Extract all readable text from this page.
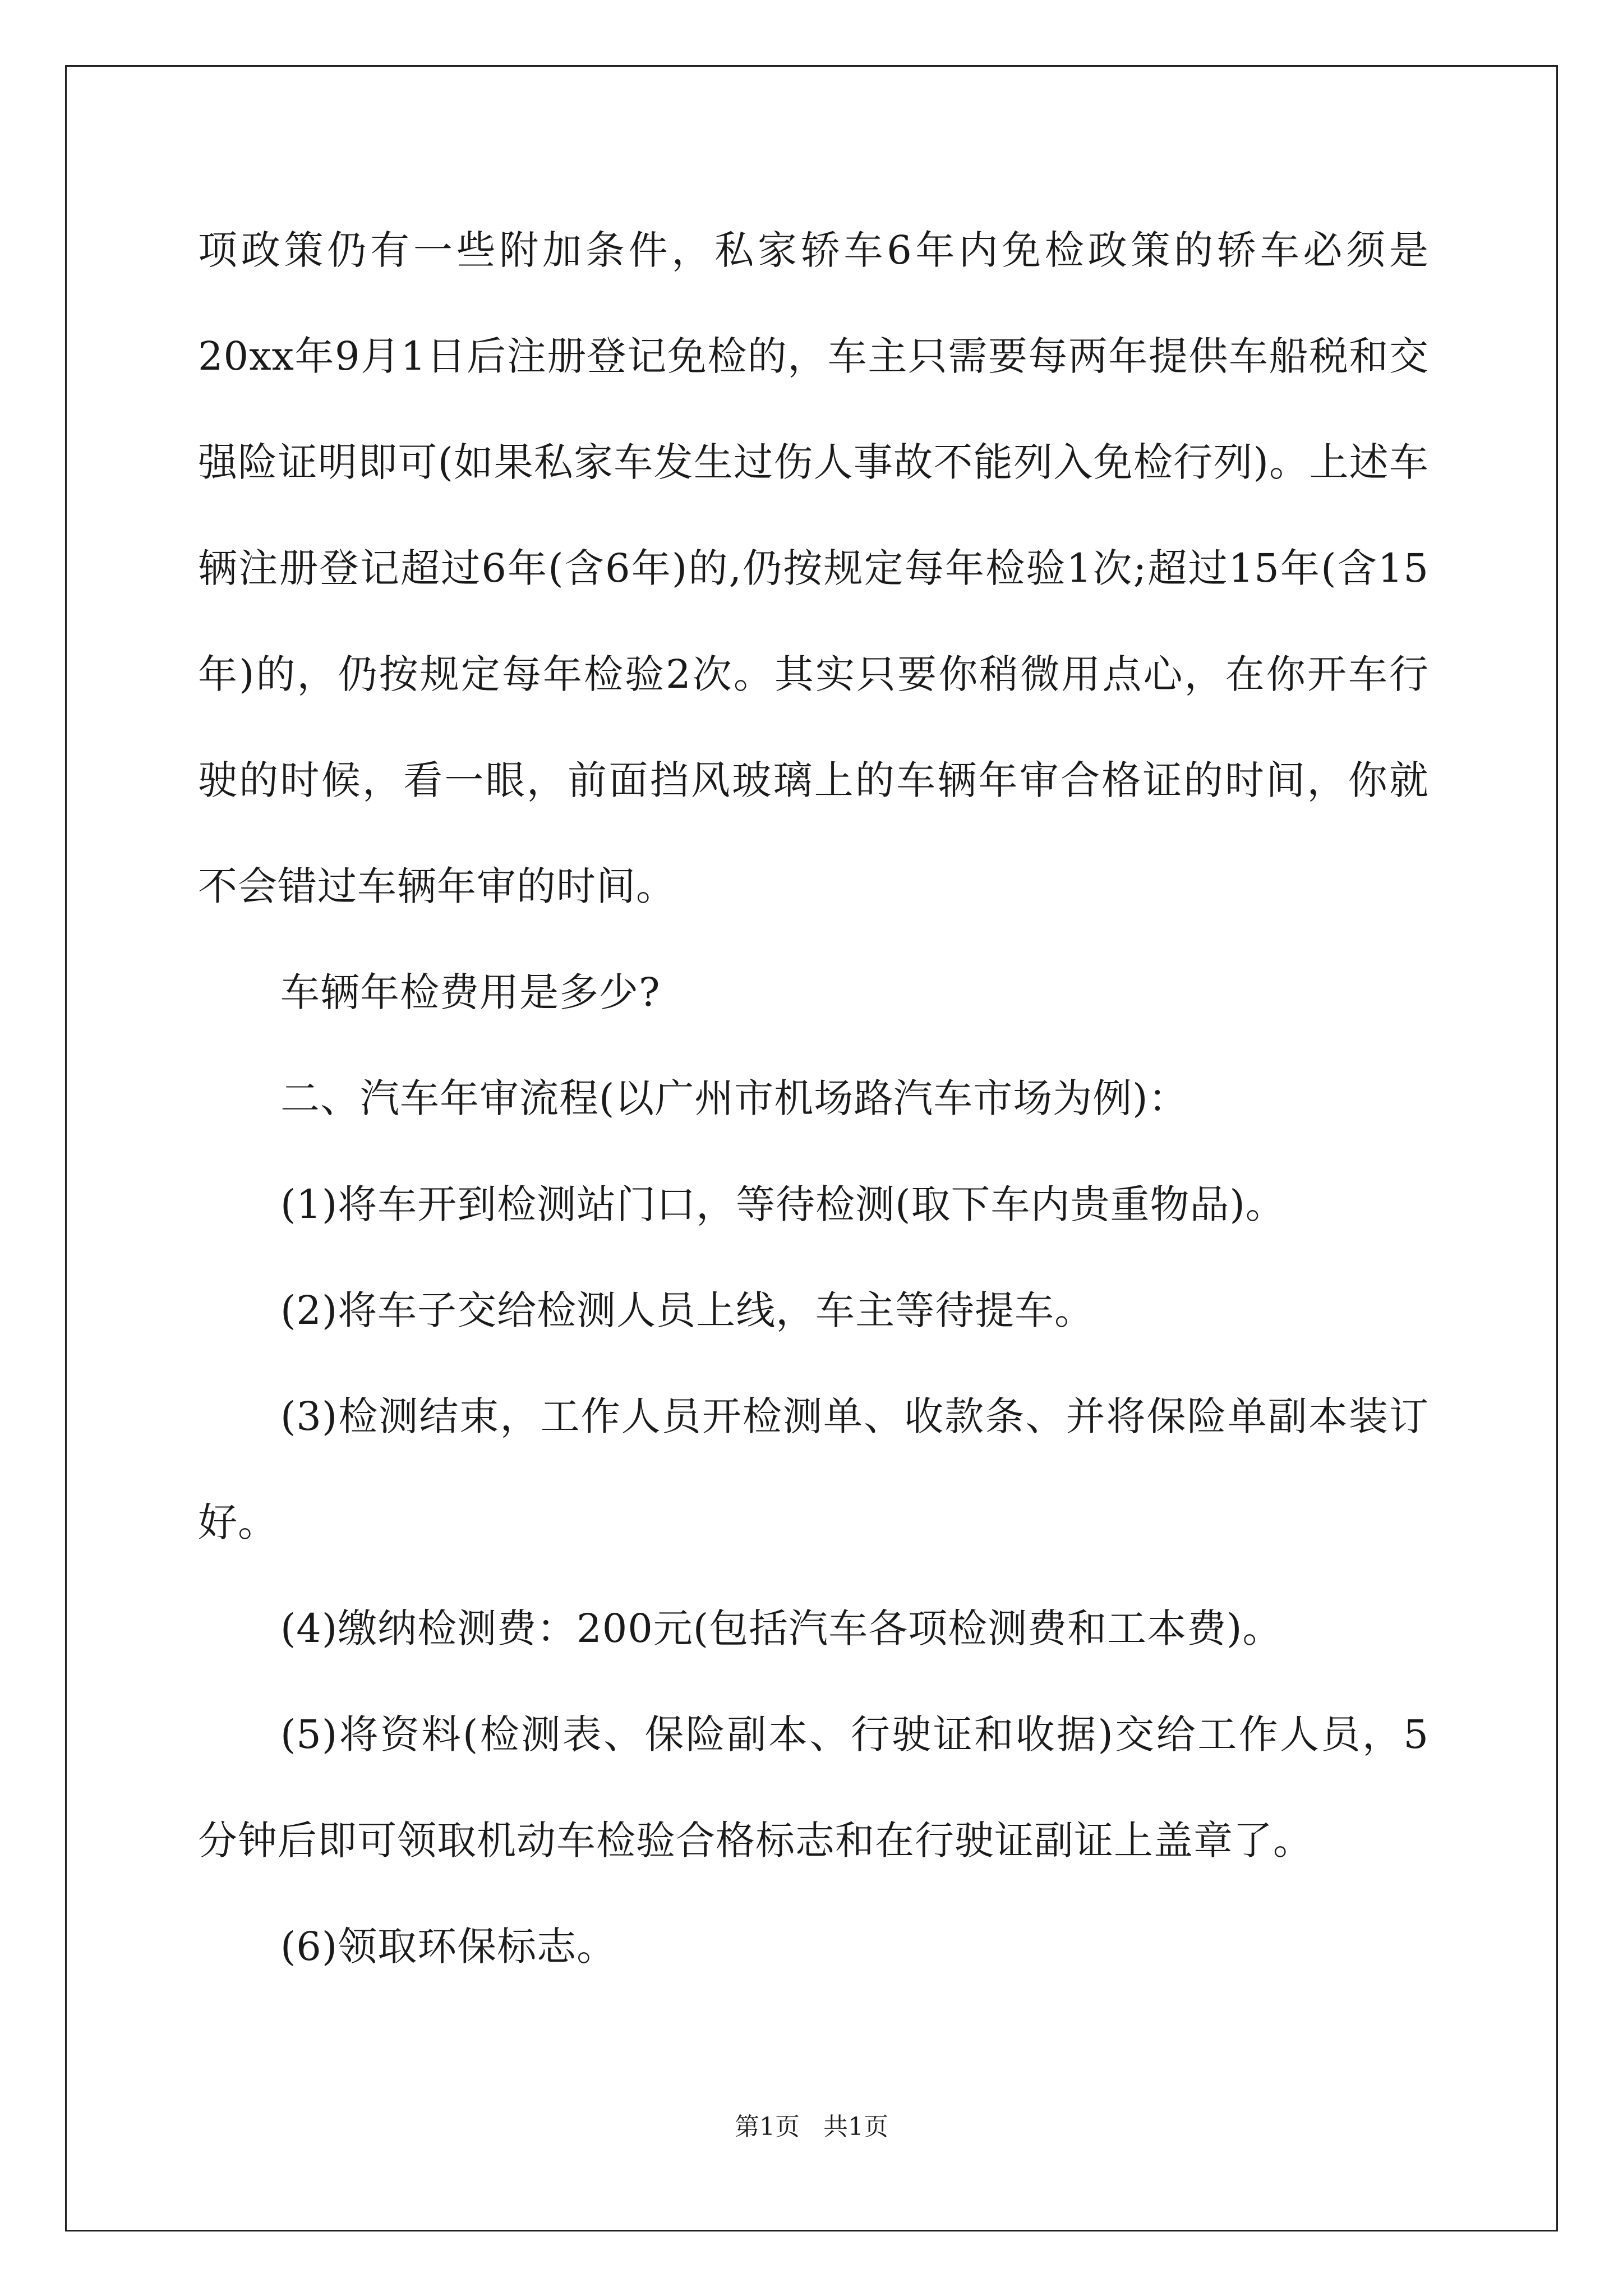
项政策仍有一些附加条件，私家轿车6年内免检政策的轿车必须是20xx年9月1日后注册登记免检的，车主只需要每两年提供车船税和交强险证明即可(如果私家车发生过伤人事故不能列入免检行列)。上述车辆注册登记超过6年(含6年)的,仍按规定每年检验1次;超过15年(含15年)的，仍按规定每年检验2次。其实只要你稍微用点心，在你开车行驶的时候，看一眼，前面挡风玻璃上的车辆年审合格证的时间，你就不会错过车辆年审的时间。

车辆年检费用是多少?

二、汽车年审流程(以广州市机场路汽车市场为例)：

(1)将车开到检测站门口，等待检测(取下车内贵重物品)。

(2)将车子交给检测人员上线，车主等待提车。

(3)检测结束，工作人员开检测单、收款条、并将保险单副本装订好。

(4)缴纳检测费：200元(包括汽车各项检测费和工本费)。

(5)将资料(检测表、保险副本、行驶证和收据)交给工作人员，5分钟后即可领取机动车检验合格标志和在行驶证副证上盖章了。

(6)领取环保标志。

第1页 共1页
